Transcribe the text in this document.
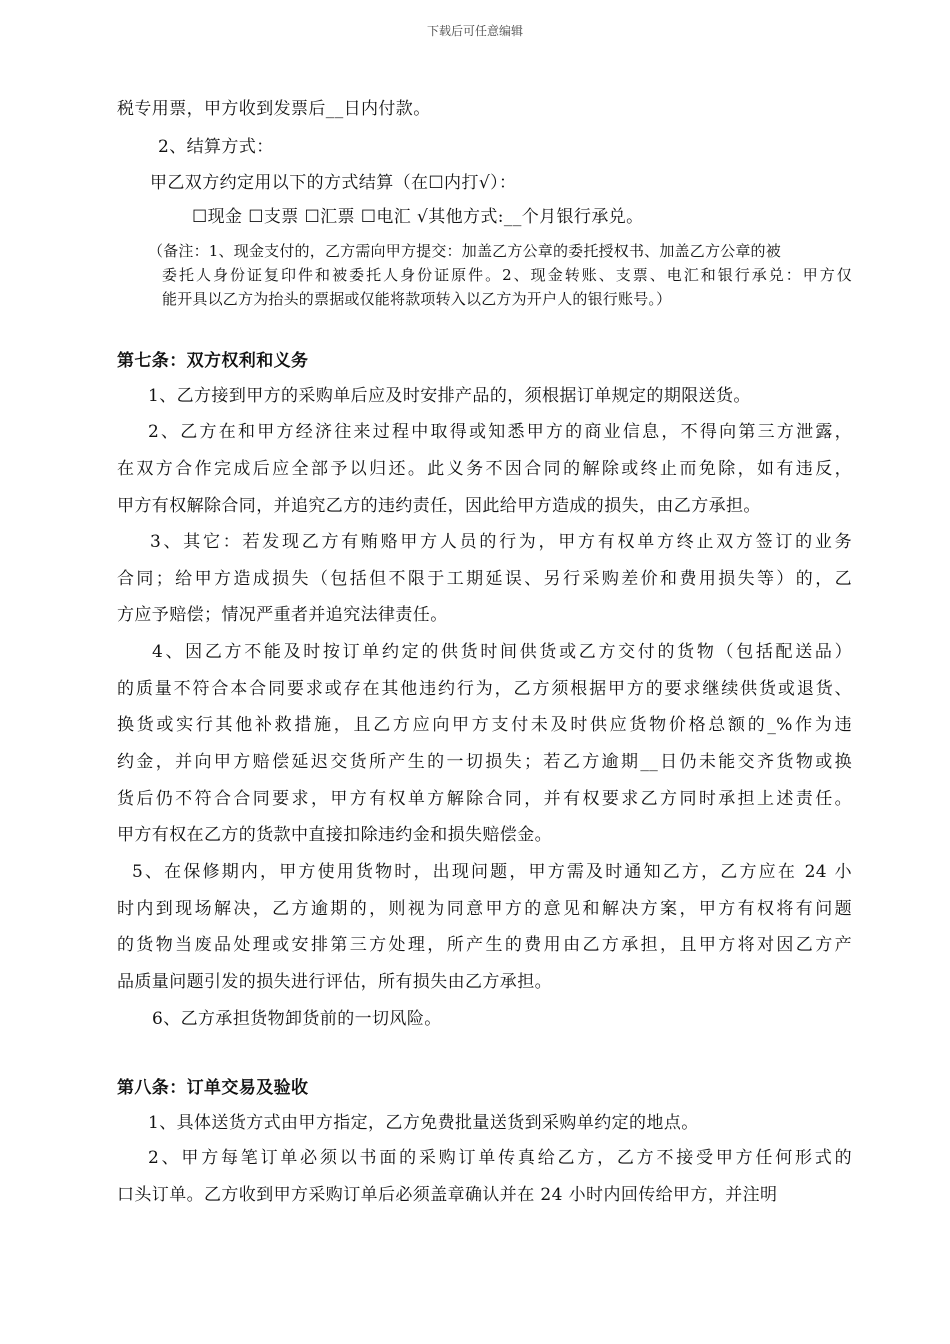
下载后可任意编辑
税专用票，甲方收到发票后__日内付款。
2、结算方式：
甲乙双方约定用以下的方式结算（在☐内打√）：
☐现金 ☐支票 ☐汇票 ☐电汇 √其他方式:__个月银行承兑。
（备注：1、现金支付的，乙方需向甲方提交：加盖乙方公章的委托授权书、加盖乙方公章的被
委托人身份证复印件和被委托人身份证原件。2、现金转账、支票、电汇和银行承兑：甲方仅
能开具以乙方为抬头的票据或仅能将款项转入以乙方为开户人的银行账号。）
第七条：双方权利和义务
1、乙方接到甲方的采购单后应及时安排产品的，须根据订单规定的期限送货。
2、乙方在和甲方经济往来过程中取得或知悉甲方的商业信息，不得向第三方泄露，
在双方合作完成后应全部予以归还。此义务不因合同的解除或终止而免除，如有违反，
甲方有权解除合同，并追究乙方的违约责任，因此给甲方造成的损失，由乙方承担。
3、其它：若发现乙方有贿赂甲方人员的行为，甲方有权单方终止双方签订的业务
合同；给甲方造成损失（包括但不限于工期延误、另行采购差价和费用损失等）的，乙
方应予赔偿；情况严重者并追究法律责任。
4、因乙方不能及时按订单约定的供货时间供货或乙方交付的货物（包括配送品）
的质量不符合本合同要求或存在其他违约行为，乙方须根据甲方的要求继续供货或退货、
换货或实行其他补救措施，且乙方应向甲方支付未及时供应货物价格总额的_%作为违
约金，并向甲方赔偿延迟交货所产生的一切损失；若乙方逾期__日仍未能交齐货物或换
货后仍不符合合同要求，甲方有权单方解除合同，并有权要求乙方同时承担上述责任。
甲方有权在乙方的货款中直接扣除违约金和损失赔偿金。
5、在保修期内，甲方使用货物时，出现问题，甲方需及时通知乙方，乙方应在 24 小
时内到现场解决，乙方逾期的，则视为同意甲方的意见和解决方案，甲方有权将有问题
的货物当废品处理或安排第三方处理，所产生的费用由乙方承担，且甲方将对因乙方产
品质量问题引发的损失进行评估，所有损失由乙方承担。
6、乙方承担货物卸货前的一切风险。
第八条：订单交易及验收
1、具体送货方式由甲方指定，乙方免费批量送货到采购单约定的地点。
2、甲方每笔订单必须以书面的采购订单传真给乙方，乙方不接受甲方任何形式的
口头订单。乙方收到甲方采购订单后必须盖章确认并在 24 小时内回传给甲方，并注明
